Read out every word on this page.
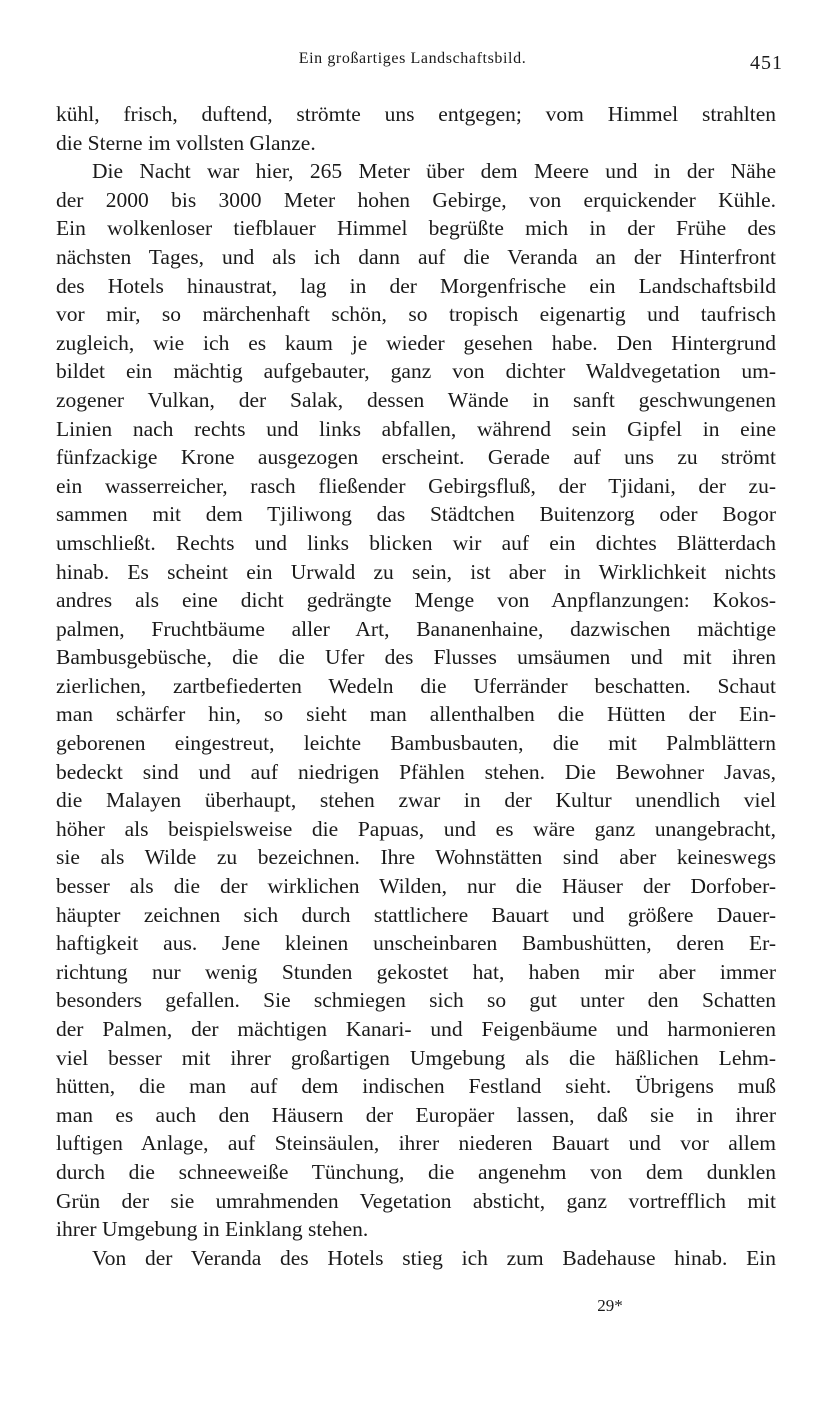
Ein großartiges Landschaftsbild.	451
kühl, frisch, duftend, strömte uns entgegen; vom Himmel strahlten
die Sterne im vollsten Glanze.
Die Nacht war hier, 265 Meter über dem Meere und in der Nähe
der 2000 bis 3000 Meter hohen Gebirge, von erquickender Kühle.
Ein wolkenloser tiefblauer Himmel begrüßte mich in der Frühe des
nächsten Tages, und als ich dann auf die Veranda an der Hinterfront
des Hotels hinaustrat, lag in der Morgenfrische ein Landschaftsbild
vor mir, so märchenhaft schön, so tropisch eigenartig und taufrisch
zugleich, wie ich es kaum je wieder gesehen habe. Den Hintergrund
bildet ein mächtig aufgebauter, ganz von dichter Waldvegetation um-
zogener Vulkan, der Salak, dessen Wände in sanft geschwungenen
Linien nach rechts und links abfallen, während sein Gipfel in eine
fünfzackige Krone ausgezogen erscheint. Gerade auf uns zu strömt
ein wasserreicher, rasch fließender Gebirgsfluß, der Tjidani, der zu-
sammen mit dem Tjiliwong das Städtchen Buitenzorg oder Bogor
umschließt. Rechts und links blicken wir auf ein dichtes Blätterdach
hinab. Es scheint ein Urwald zu sein, ist aber in Wirklichkeit nichts
andres als eine dicht gedrängte Menge von Anpflanzungen: Kokos-
palmen, Fruchtbäume aller Art, Bananenhaine, dazwischen mächtige
Bambusgebüsche, die die Ufer des Flusses umsäumen und mit ihren
zierlichen, zartbefiederten Wedeln die Uferränder beschatten. Schaut
man schärfer hin, so sieht man allenthalben die Hütten der Ein-
geborenen eingestreut, leichte Bambusbauten, die mit Palmblättern
bedeckt sind und auf niedrigen Pfählen stehen. Die Bewohner Javas,
die Malayen überhaupt, stehen zwar in der Kultur unendlich viel
höher als beispielsweise die Papuas, und es wäre ganz unangebracht,
sie als Wilde zu bezeichnen. Ihre Wohnstätten sind aber keineswegs
besser als die der wirklichen Wilden, nur die Häuser der Dorfober-
häupter zeichnen sich durch stattlichere Bauart und größere Dauer-
haftigkeit aus. Jene kleinen unscheinbaren Bambushütten, deren Er-
richtung nur wenig Stunden gekostet hat, haben mir aber immer
besonders gefallen. Sie schmiegen sich so gut unter den Schatten
der Palmen, der mächtigen Kanari- und Feigenbäume und harmonieren
viel besser mit ihrer großartigen Umgebung als die häßlichen Lehm-
hütten, die man auf dem indischen Festland sieht. Übrigens muß
man es auch den Häusern der Europäer lassen, daß sie in ihrer
luftigen Anlage, auf Steinsäulen, ihrer niederen Bauart und vor allem
durch die schneeweiße Tünchung, die angenehm von dem dunklen
Grün der sie umrahmenden Vegetation absticht, ganz vortrefflich mit
ihrer Umgebung in Einklang stehen.
Von der Veranda des Hotels stieg ich zum Badehause hinab. Ein
29*
